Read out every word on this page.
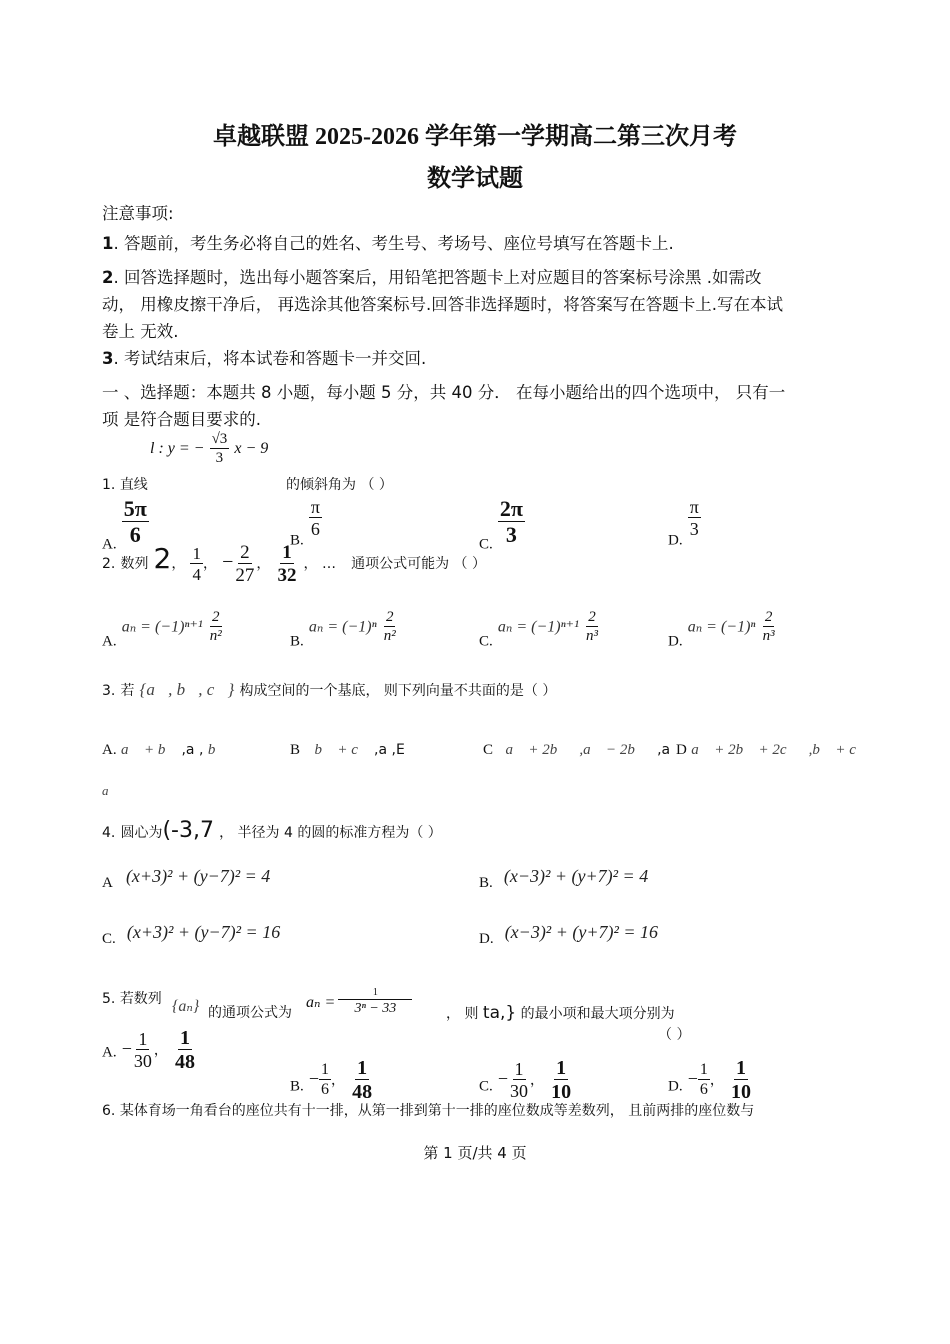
卓越联盟 2025-2026 学年第一学期高二第三次月考
数学试题
注意事项:
1. 答题前，考生务必将自己的姓名、考生号、考场号、座位号填写在答题卡上.
2. 回答选择题时，选出每小题答案后，用铅笔把答题卡上对应题目的答案标号涂黑 .如需改
动， 用橡皮擦干净后， 再选涂其他答案标号.回答非选择题时，将答案写在答题卡上.写在本试
卷上 无效.
3. 考试结束后，将本试卷和答题卡一并交回.
一 、选择题：本题共 8 小题，每小题 5 分，共 40 分． 在每小题给出的四个选项中， 只有一
项 是符合题目要求的.
1. 直线
l : y = − $\frac{√3}{3}$ x − 9
的倾斜角为 （ ）
A. $\frac{5\pi}{6}$	B.
$\frac{\pi}{6}$
C. $\frac{2\pi}{3}$	D.
$\frac{\pi}{3}$
2. 数列 2， $\frac{1}{4}$ ， − $\frac{2}{27}$ ， $\frac{1}{32}$ ， … 通项公式可能为 （ ）
A. $a_n = (-1)^{n+1} \frac{2}{\text{n²}}$	B. $a_n = (-1)^n \frac{2}{\text{n²}}$	C. $a_n = (-1)^{n+1} \frac{2}{\text{n³}}$	D. $a_n = (-1)^n \frac{2}{\text{n³}}$
3. 若 {a⃗, b⃗, c⃗} 构成空间的一个基底， 则下列向量不共面的是（ ）
A. a⃗ + b⃗ ,a , b⃗
a⃗
B b⃗ + c⃗ ,a ,E	C a⃗ + 2b⃗ ,a⃗ − 2b⃗ ,a D a⃗ + 2b⃗ + 2c⃗ ,b⃗ + c⃗
4. 圆心为(-3,7 ， 半径为 4 的圆的标准方程为（ ）
A (x+3)² + (y−7)² = 4	B. (x−3)² + (y+7)² = 4
C. (x+3)² + (y−7)² = 16	D. (x−3)² + (y+7)² = 16
5. 若数列 {aₙ} 的通项公式为
$a_n = \frac{1}{\text{3ⁿ − 33}}$	， 则 ta,} 的最小项和最大项分别为
（ ）
A. − $\frac{1}{30}$ ， $\frac{1}{48}$
B. − $\frac{1}{6}$ ， $\frac{1}{48}$	C. − $\frac{1}{30}$ ， $\frac{1}{10}$	D. − $\frac{1}{6}$ ， $\frac{1}{10}$
6. 某体育场一角看台的座位共有十一排，从第一排到第十一排的座位数成等差数列， 且前两排的座位数与
第 1 页/共 4 页
